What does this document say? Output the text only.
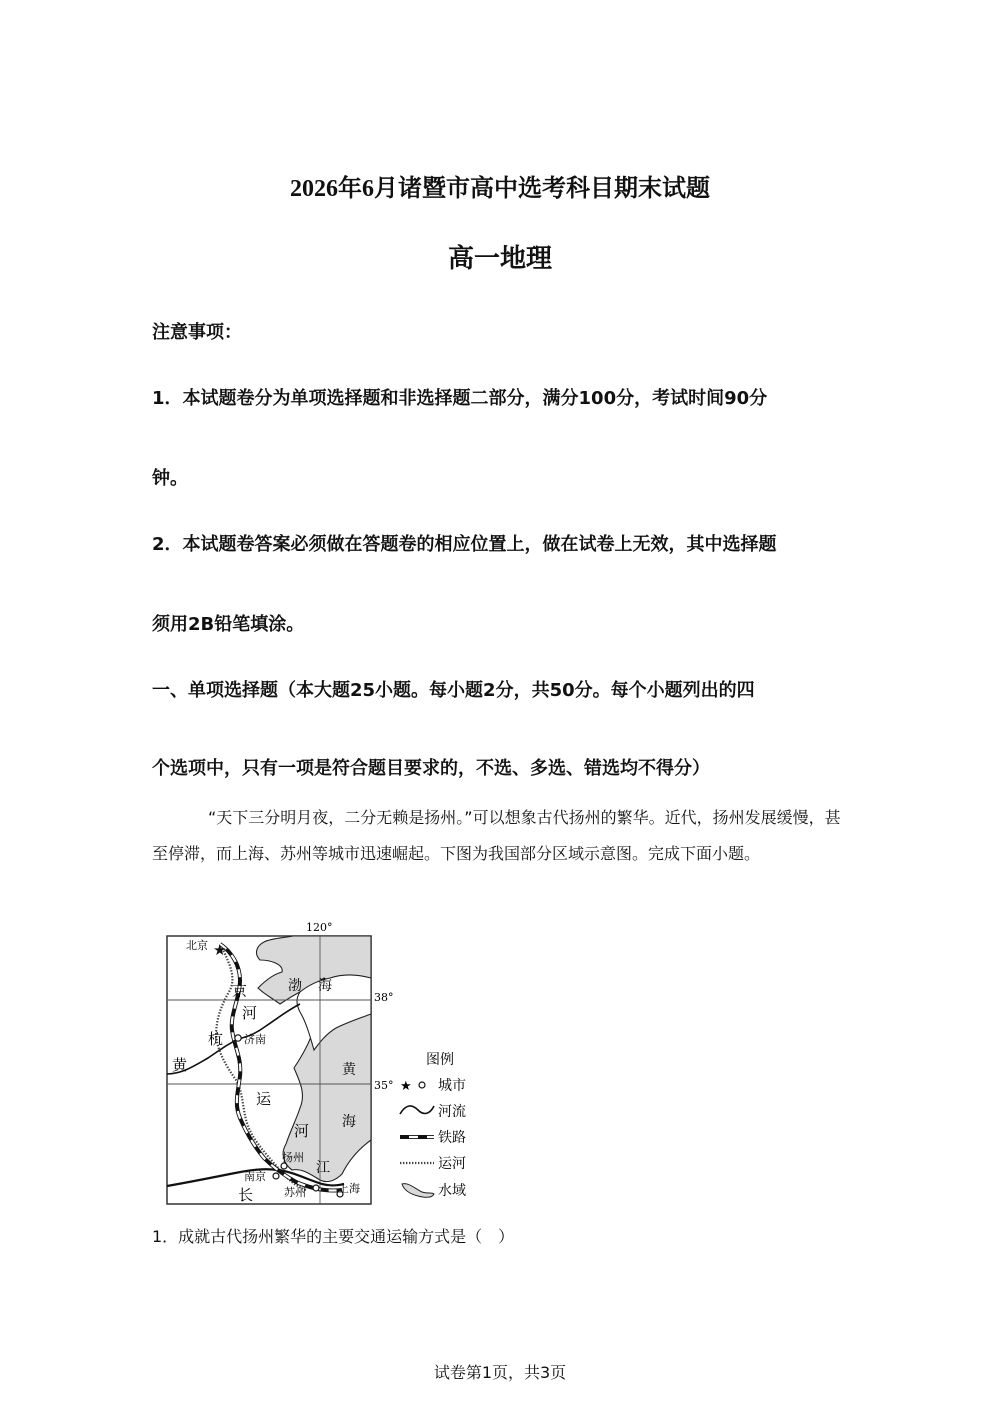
2026年6月诸暨市高中选考科目期末试题
高一地理
注意事项：
1．本试题卷分为单项选择题和非选择题二部分，满分100分，考试时间90分
钟。
2．本试题卷答案必须做在答题卷的相应位置上，做在试卷上无效，其中选择题
须用2B铅笔填涂。
一、单项选择题（本大题25小题。每小题2分，共50分。每个小题列出的四
个选项中，只有一项是符合题目要求的，不选、多选、错选均不得分）
“天下三分明月夜，二分无赖是扬州。”可以想象古代扬州的繁华。近代，扬州发展缓慢，甚至停滞，而上海、苏州等城市迅速崛起。下图为我国部分区域示意图。完成下面小题。
★
120°
38°
35°
北京
济南
扬州
南京
苏州	上海
渤 海
黄
海
黄
江
长
京
河
杭
运
河
图例
★ 城市
河流
铁路
运河
水域
1．成就古代扬州繁华的主要交通运输方式是（　）
试卷第1页，共3页
